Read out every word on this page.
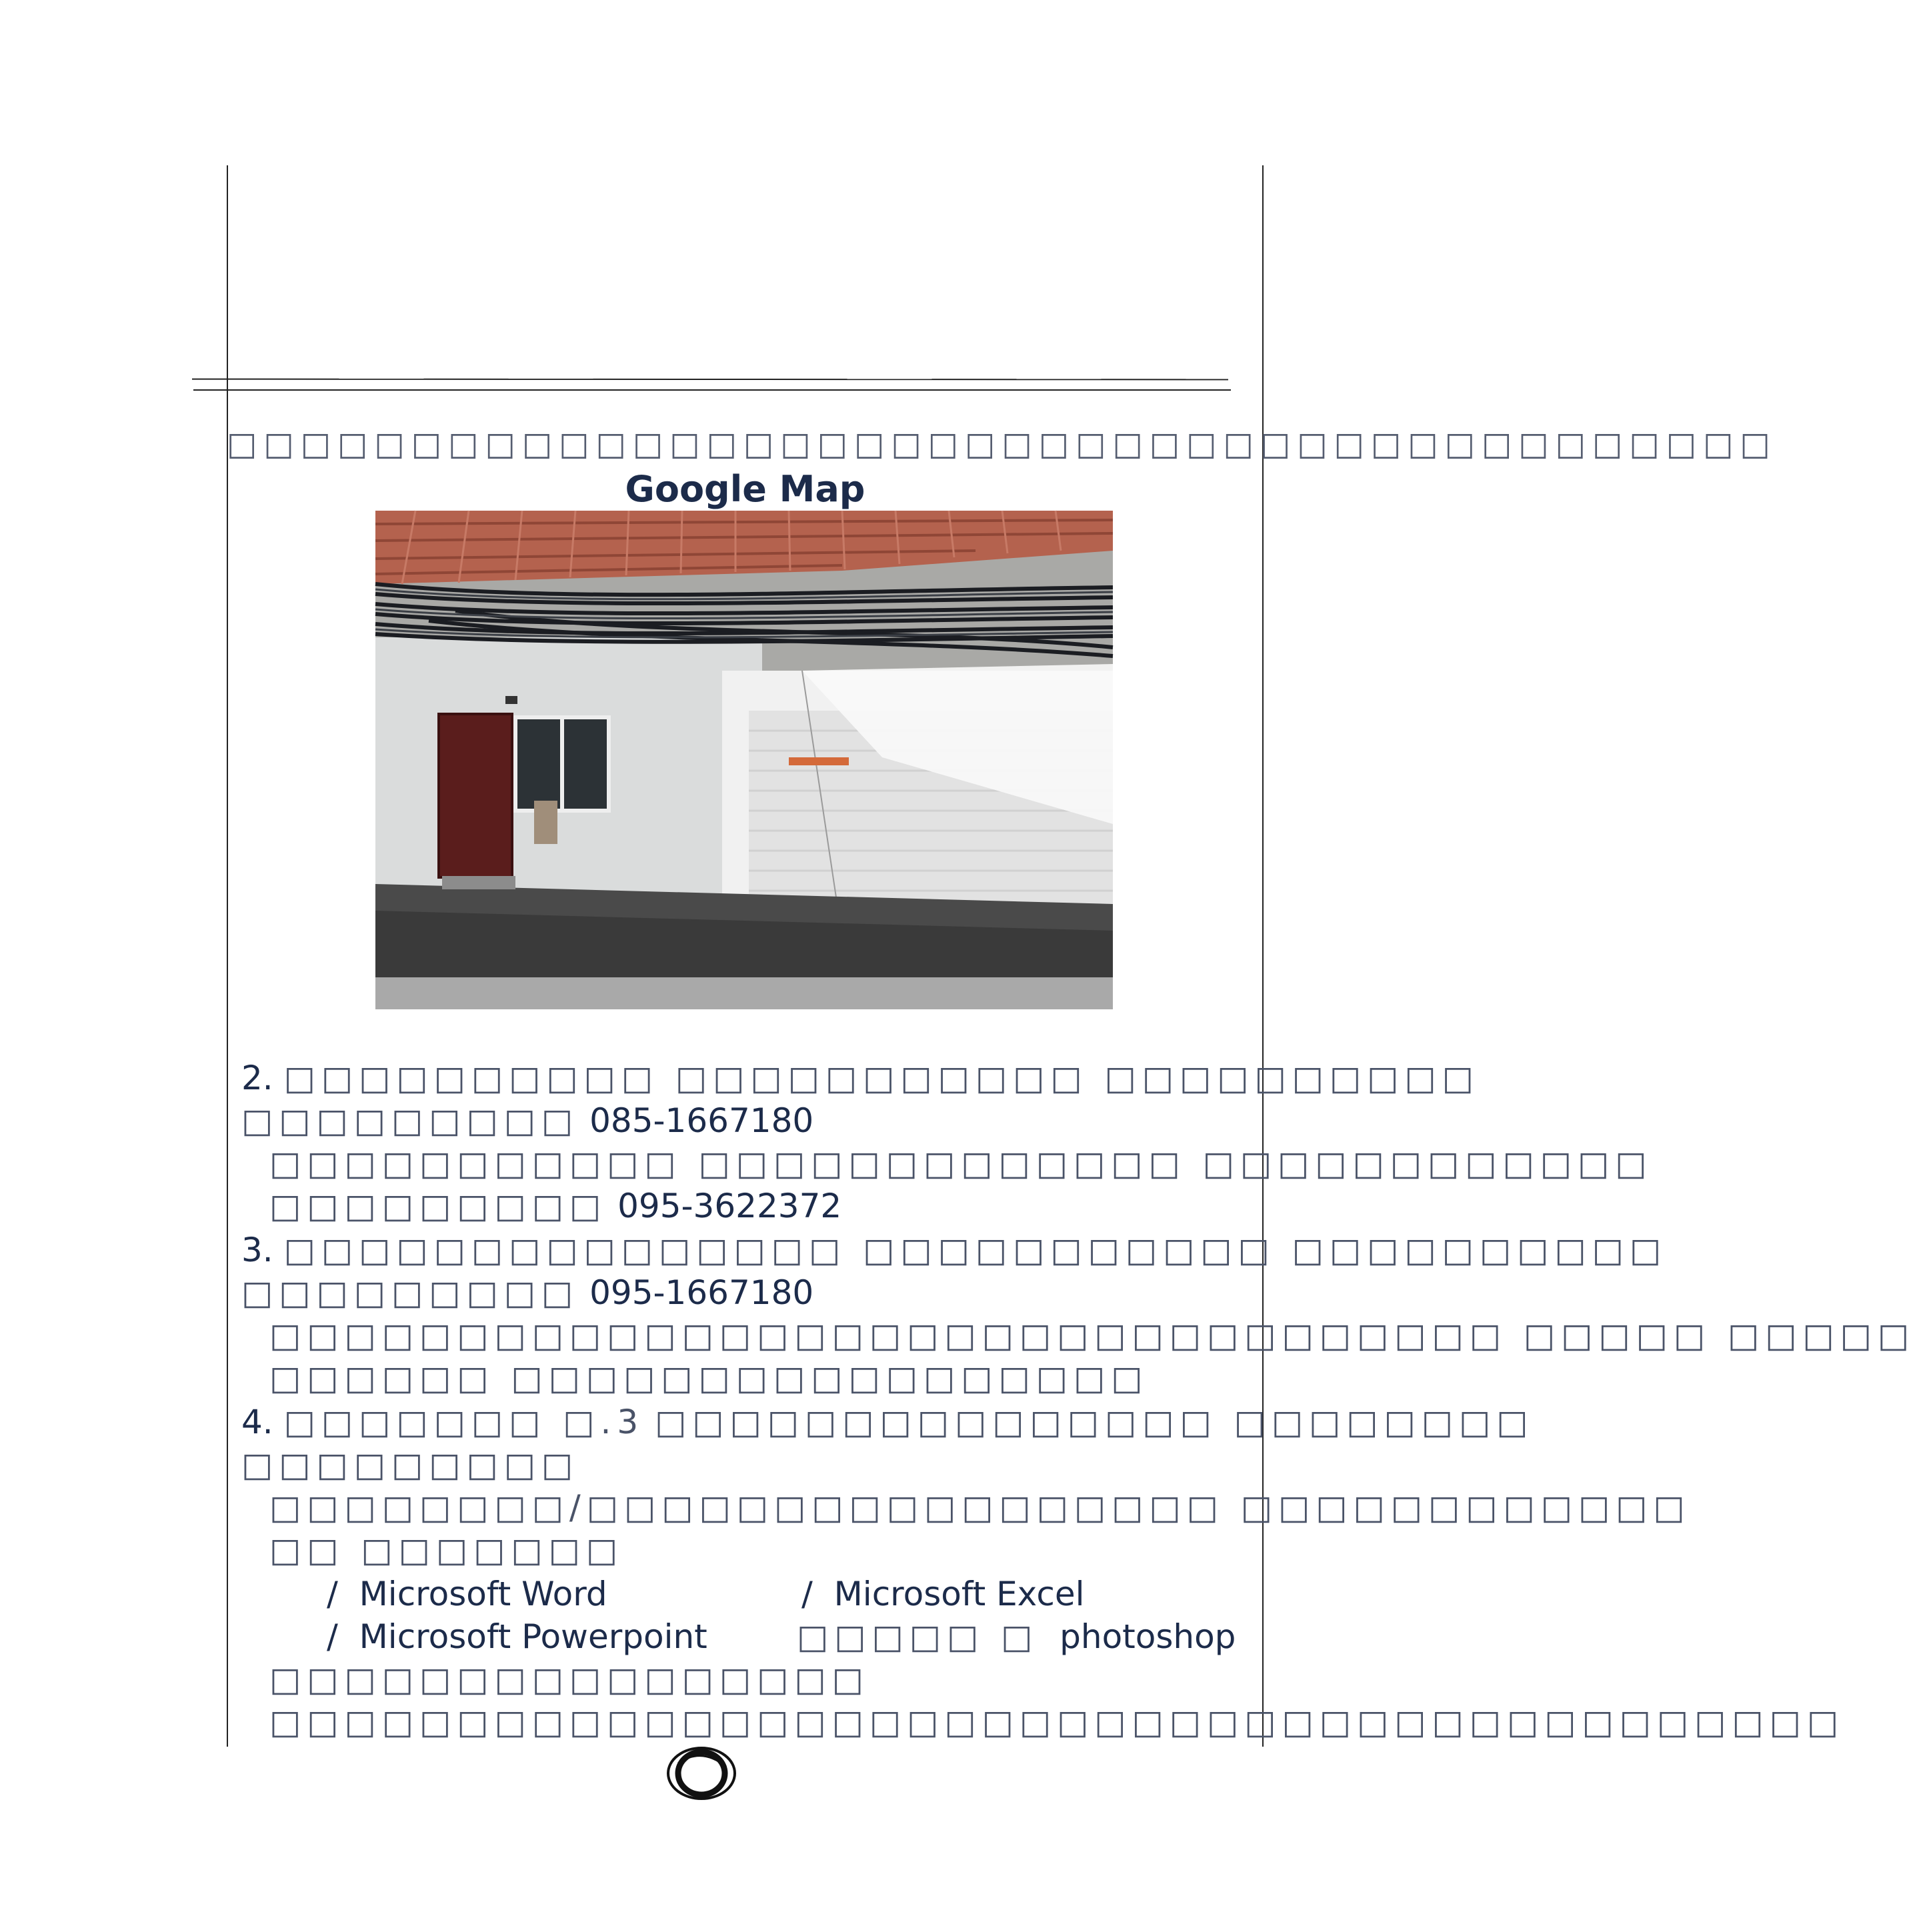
□□□□□□□□□□□□□□□□□□□□□□□□□□□□□□□□□□□□□□□□□□
Google Map
2. □□□□□□□□□□ □□□□□□□□□□□ □□□□□□□□□□
□□□□□□□□□ 085-1667180
□□□□□□□□□□□ □□□□□□□□□□□□□ □□□□□□□□□□□□
□□□□□□□□□ 095-3622372
3. □□□□□□□□□□□□□□□ □□□□□□□□□□□ □□□□□□□□□□
□□□□□□□□□ 095-1667180
□□□□□□□□□□□□□□□□□□□□□□□□□□□□□□□□□ □□□□□ □□□□□
□□□□□□ □□□□□□□□□□□□□□□□□
4. □□□□□□□ □.3 □□□□□□□□□□□□□□□ □□□□□□□□
□□□□□□□□□
□□□□□□□□/□□□□□□□□□□□□□□□□□ □□□□□□□□□□□□
□□ □□□□□□□
/ Microsoft Word	/ Microsoft Excel
/ Microsoft Powerpoint	□□□□□ □ photoshop
□□□□□□□□□□□□□□□□
□□□□□□□□□□□□□□□□□□□□□□□□□□□□□□□□□□□□□□□□□□
